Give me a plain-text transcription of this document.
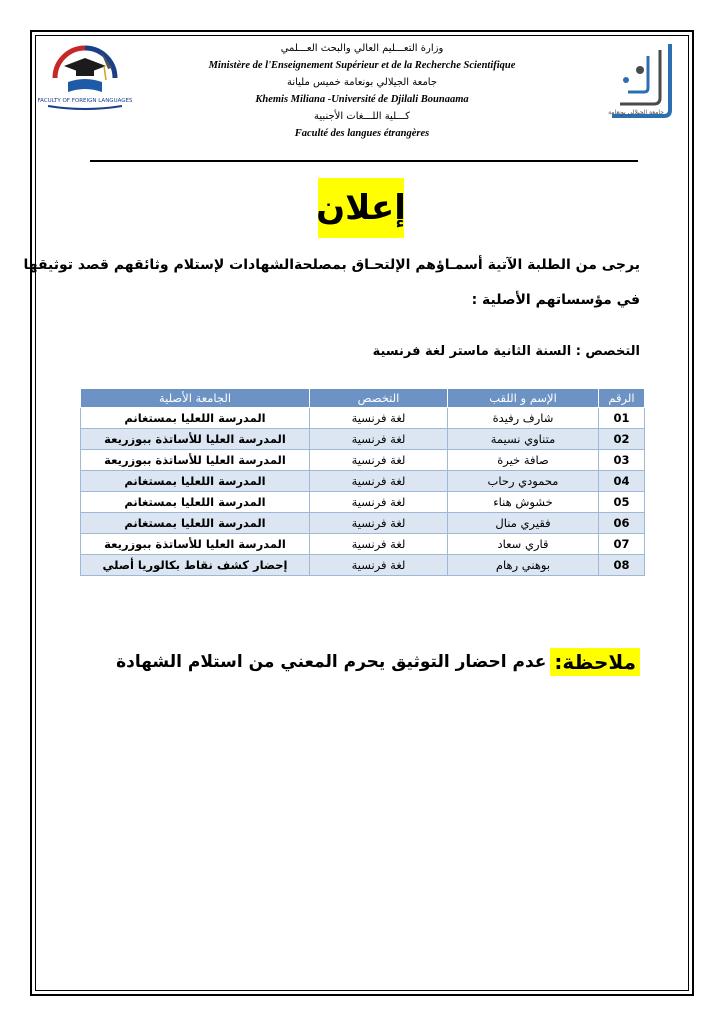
FACULTY OF FOREIGN LANGUAGES
جامعة الجيلالي بونعامة
وزارة التعـــليم العالي والبحث العـــلمي
Ministère de l'Enseignement Supérieur et de la Recherche Scientifique
جامعة الجيلالي بونعامة خميس مليانة
Khemis Miliana -Université de Djilali Bounaama
كـــلية اللـــغات الأجنبية
Faculté des langues étrangères
إعلان
يرجى من الطلبة الآتية أسمـاؤهم الإلتحـاق بمصلحةالشهادات لإستلام وثائقهم قصد توثيقها
في مؤسساتهم الأصلية :
التخصص : السنة الثانية ماستر لغة فرنسية
الرقم	الإسم و اللقب	التخصص	الجامعة الأصلية
01	شارف رفيدة	لغة فرنسية	المدرسة اللعليا بمستغانم
02	متناوي نسيمة	لغة فرنسية	المدرسة العليا للأساتذة ببوزريعة
03	صافة خيرة	لغة فرنسية	المدرسة العليا للأساتذة ببوزريعة
04	محمودي رحاب	لغة فرنسية	المدرسة اللعليا بمستغانم
05	خشوش هناء	لغة فرنسية	المدرسة اللعليا بمستغانم
06	فقيري منال	لغة فرنسية	المدرسة اللعليا بمستغانم
07	قاري سعاد	لغة فرنسية	المدرسة العليا للأساتذة ببوزريعة
08	بوهني رهام	لغة فرنسية	إحضار كشف نقاط بكالوريا أصلي
ملاحظة:
عدم احضار التوثيق يحرم المعني من استلام الشهادة
